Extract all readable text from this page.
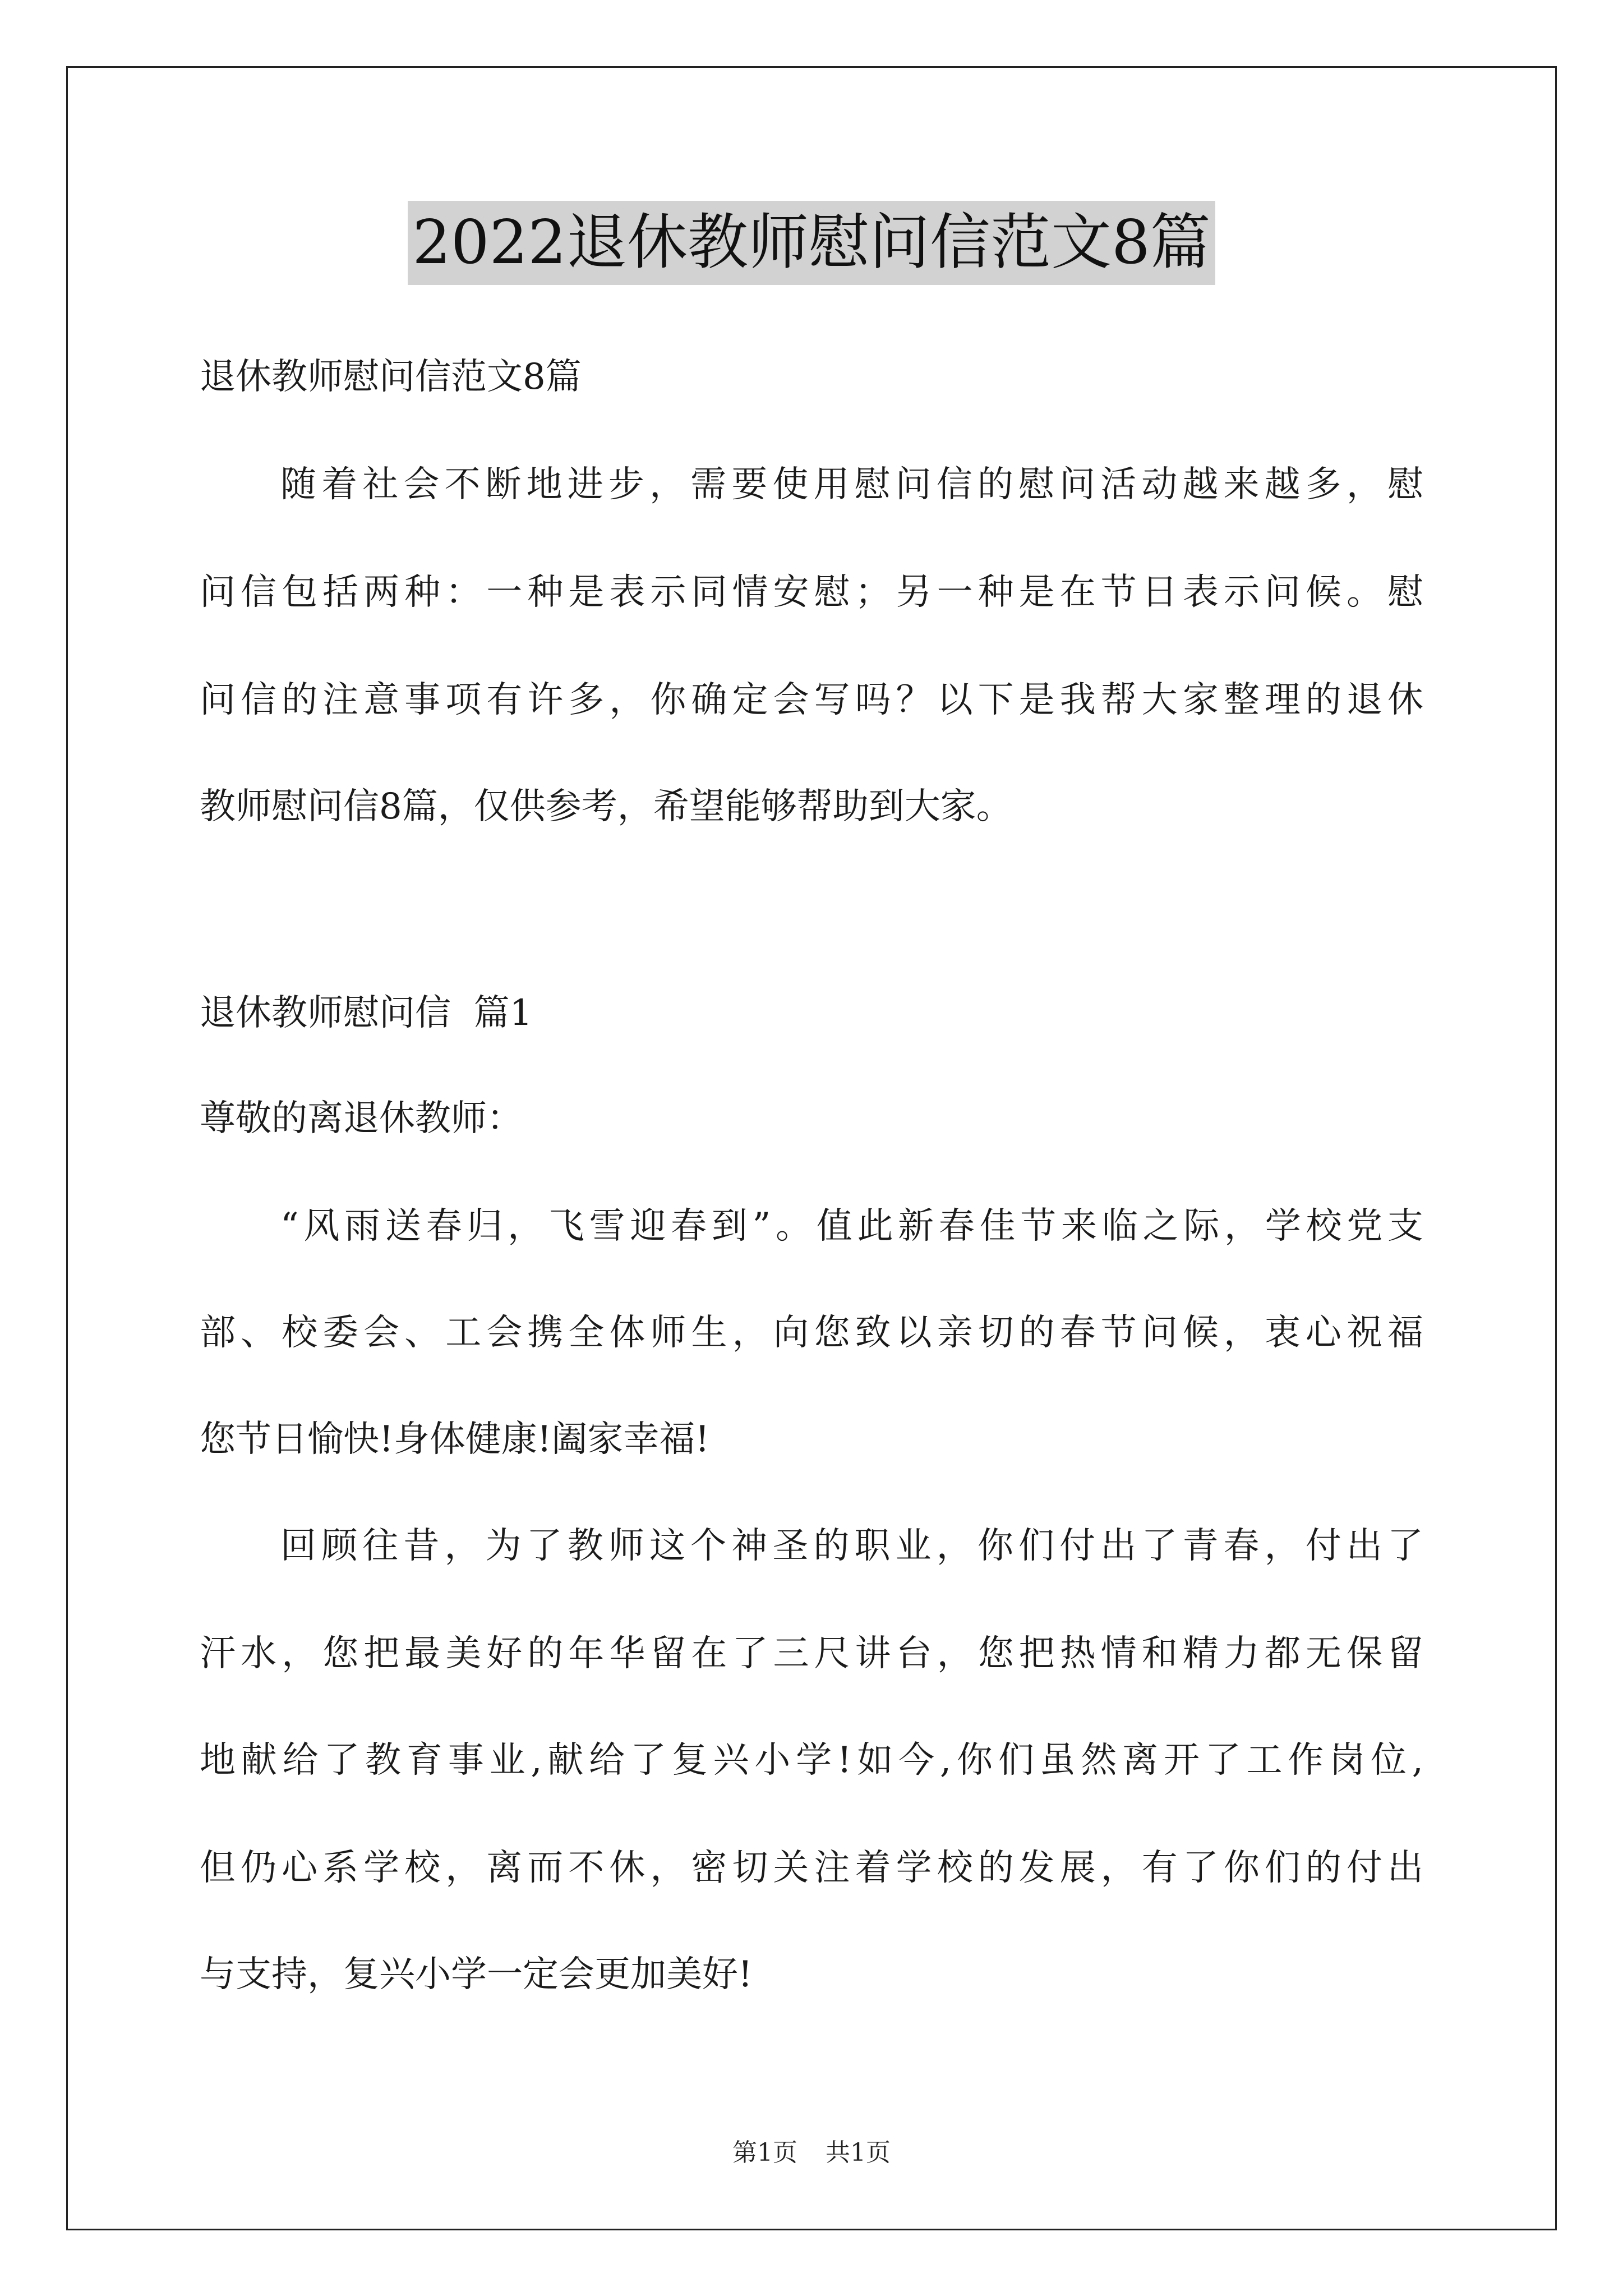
2022退休教师慰问信范文8篇
退休教师慰问信范文8篇
随着社会不断地进步，需要使用慰问信的慰问活动越来越多，慰
问信包括两种：一种是表示同情安慰；另一种是在节日表示问候。慰
问信的注意事项有许多，你确定会写吗？以下是我帮大家整理的退休
教师慰问信8篇，仅供参考，希望能够帮助到大家。
退休教师慰问信  篇1
尊敬的离退休教师：
“风雨送春归，飞雪迎春到”。值此新春佳节来临之际，学校党支
部、校委会、工会携全体师生，向您致以亲切的春节问候，衷心祝福
您节日愉快!身体健康!阖家幸福!
回顾往昔，为了教师这个神圣的职业，你们付出了青春，付出了
汗水，您把最美好的年华留在了三尺讲台，您把热情和精力都无保留
地献给了教育事业,献给了复兴小学!如今,你们虽然离开了工作岗位,
但仍心系学校，离而不休，密切关注着学校的发展，有了你们的付出
与支持，复兴小学一定会更加美好!
第1页 共1页
